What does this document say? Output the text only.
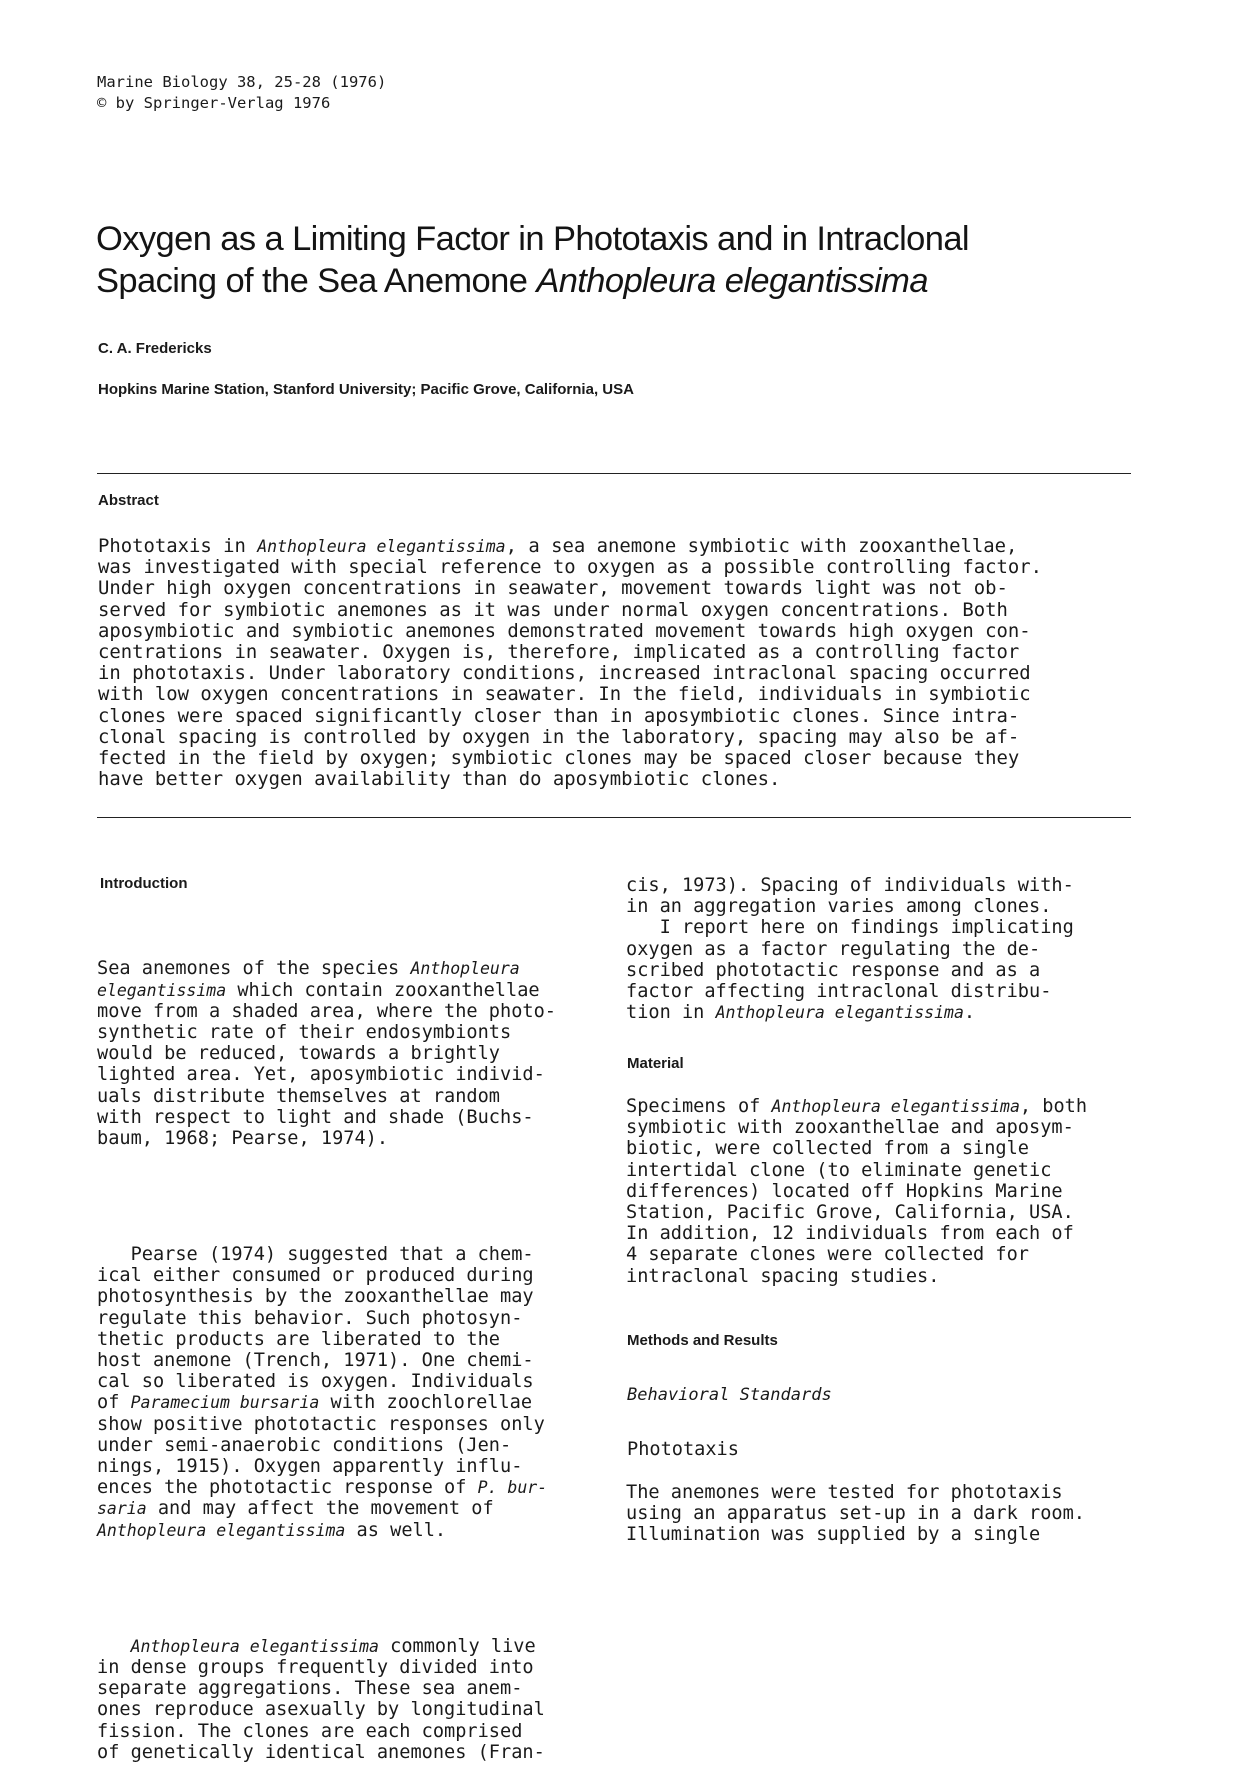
Marine Biology 38, 25-28 (1976)
© by Springer-Verlag 1976
Oxygen as a Limiting Factor in Phototaxis and in Intraclonal
Spacing of the Sea Anemone Anthopleura elegantissima
C. A. Fredericks
Hopkins Marine Station, Stanford University; Pacific Grove, California, USA
Abstract
Phototaxis in Anthopleura elegantissima, a sea anemone symbiotic with zooxanthellae,
was investigated with special reference to oxygen as a possible controlling factor.
Under high oxygen concentrations in seawater, movement towards light was not ob-
served for symbiotic anemones as it was under normal oxygen concentrations. Both
aposymbiotic and symbiotic anemones demonstrated movement towards high oxygen con-
centrations in seawater. Oxygen is, therefore, implicated as a controlling factor
in phototaxis. Under laboratory conditions, increased intraclonal spacing occurred
with low oxygen concentrations in seawater. In the field, individuals in symbiotic
clones were spaced significantly closer than in aposymbiotic clones. Since intra-
clonal spacing is controlled by oxygen in the laboratory, spacing may also be af-
fected in the field by oxygen; symbiotic clones may be spaced closer because they
have better oxygen availability than do aposymbiotic clones.
Introduction

Sea anemones of the species Anthopleura
elegantissima which contain zooxanthellae
move from a shaded area, where the photo-
synthetic rate of their endosymbionts
would be reduced, towards a brightly
lighted area. Yet, aposymbiotic individ-
uals distribute themselves at random
with respect to light and shade (Buchs-
baum, 1968; Pearse, 1974).

Pearse (1974) suggested that a chem-
ical either consumed or produced during
photosynthesis by the zooxanthellae may
regulate this behavior. Such photosyn-
thetic products are liberated to the
host anemone (Trench, 1971). One chemi-
cal so liberated is oxygen. Individuals
of Paramecium bursaria with zoochlorellae
show positive phototactic responses only
under semi-anaerobic conditions (Jen-
nings, 1915). Oxygen apparently influ-
ences the phototactic response of P. bur-
saria and may affect the movement of
Anthopleura elegantissima as well.

Anthopleura elegantissima commonly live
in dense groups frequently divided into
separate aggregations. These sea anem-
ones reproduce asexually by longitudinal
fission. The clones are each comprised
of genetically identical anemones (Fran-

cis, 1973). Spacing of individuals with-
in an aggregation varies among clones.
I report here on findings implicating
oxygen as a factor regulating the de-
scribed phototactic response and as a
factor affecting intraclonal distribu-
tion in Anthopleura elegantissima.
Material
Specimens of Anthopleura elegantissima, both
symbiotic with zooxanthellae and aposym-
biotic, were collected from a single
intertidal clone (to eliminate genetic
differences) located off Hopkins Marine
Station, Pacific Grove, California, USA.
In addition, 12 individuals from each of
4 separate clones were collected for
intraclonal spacing studies.
Methods and Results
Behavioral Standards
Phototaxis
The anemones were tested for phototaxis
using an apparatus set-up in a dark room.
Illumination was supplied by a single
